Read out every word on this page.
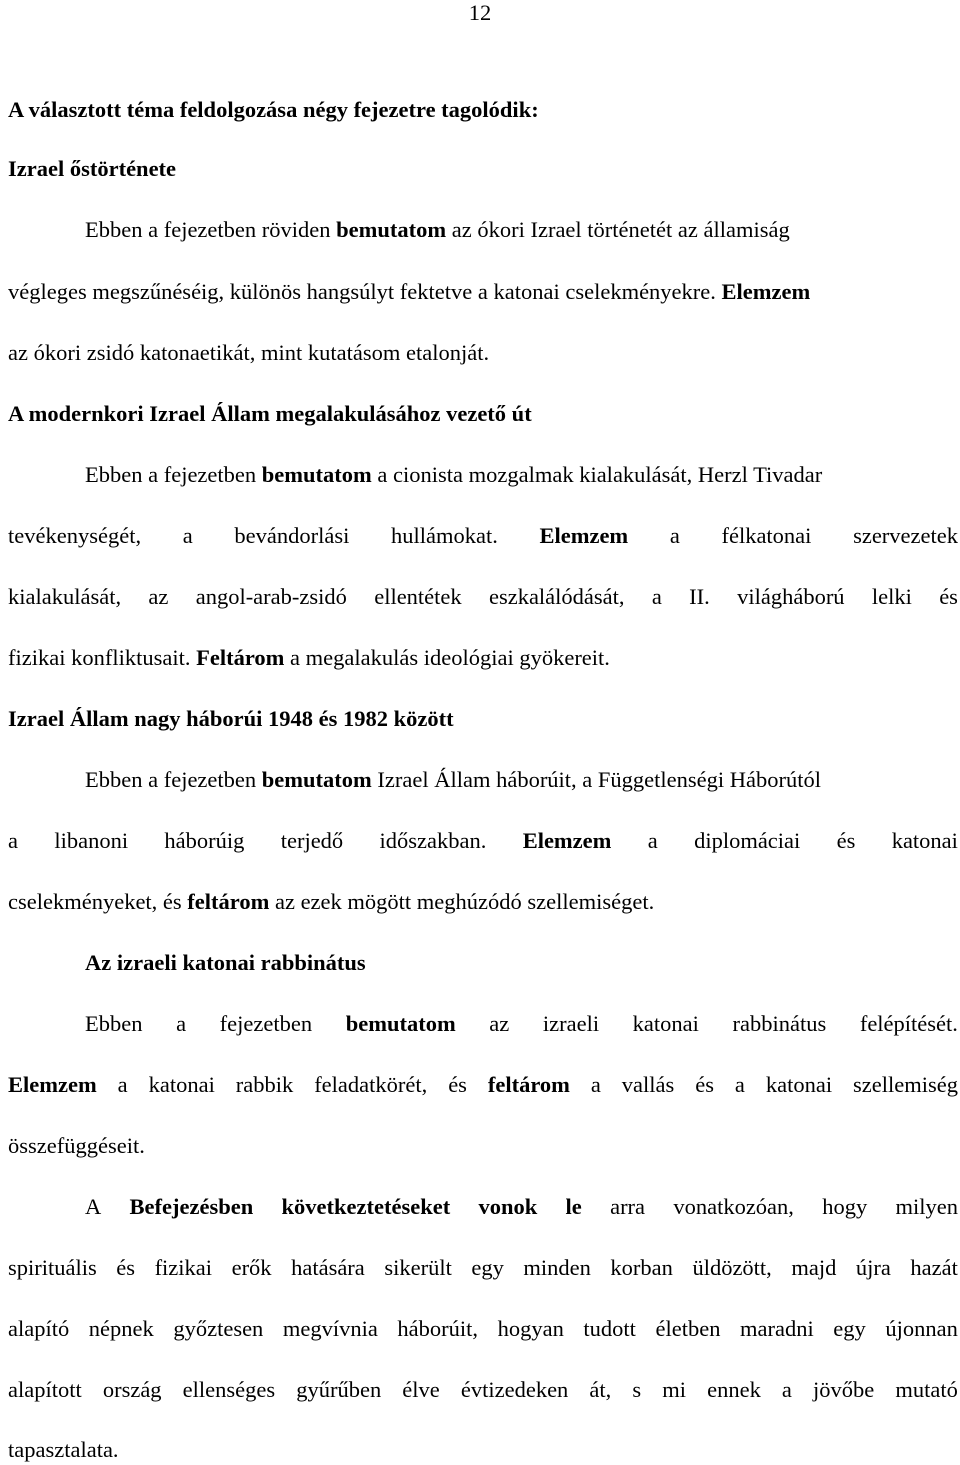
12
A választott téma feldolgozása négy fejezetre tagolódik:
Izrael őstörténete
Ebben a fejezetben röviden bemutatom az ókori Izrael történetét az államiság
végleges megszűnéséig, különös hangsúlyt fektetve a katonai cselekményekre. Elemzem
az ókori zsidó katonaetikát, mint kutatásom etalonját.
A modernkori Izrael Állam megalakulásához vezető út
Ebben a fejezetben bemutatom a cionista mozgalmak kialakulását, Herzl Tivadar
tevékenységét, a bevándorlási hullámokat. Elemzem a félkatonai szervezetek
kialakulását, az angol-arab-zsidó ellentétek eszkalálódását, a II. világháború lelki és
fizikai konfliktusait. Feltárom a megalakulás ideológiai gyökereit.
Izrael Állam nagy háborúi 1948 és 1982 között
Ebben a fejezetben bemutatom Izrael Állam háborúit, a Függetlenségi Háborútól
a libanoni háborúig terjedő időszakban. Elemzem a diplomáciai és katonai
cselekményeket, és feltárom az ezek mögött meghúzódó szellemiséget.
Az izraeli katonai rabbinátus
Ebben a fejezetben bemutatom az izraeli katonai rabbinátus felépítését.
Elemzem a katonai rabbik feladatkörét, és feltárom a vallás és a katonai szellemiség
összefüggéseit.
A Befejezésben következtetéseket vonok le arra vonatkozóan, hogy milyen
spirituális és fizikai erők hatására sikerült egy minden korban üldözött, majd újra hazát
alapító népnek győztesen megvívnia háborúit, hogyan tudott életben maradni egy újonnan
alapított ország ellenséges gyűrűben élve évtizedeken át, s mi ennek a jövőbe mutató
tapasztalata.
